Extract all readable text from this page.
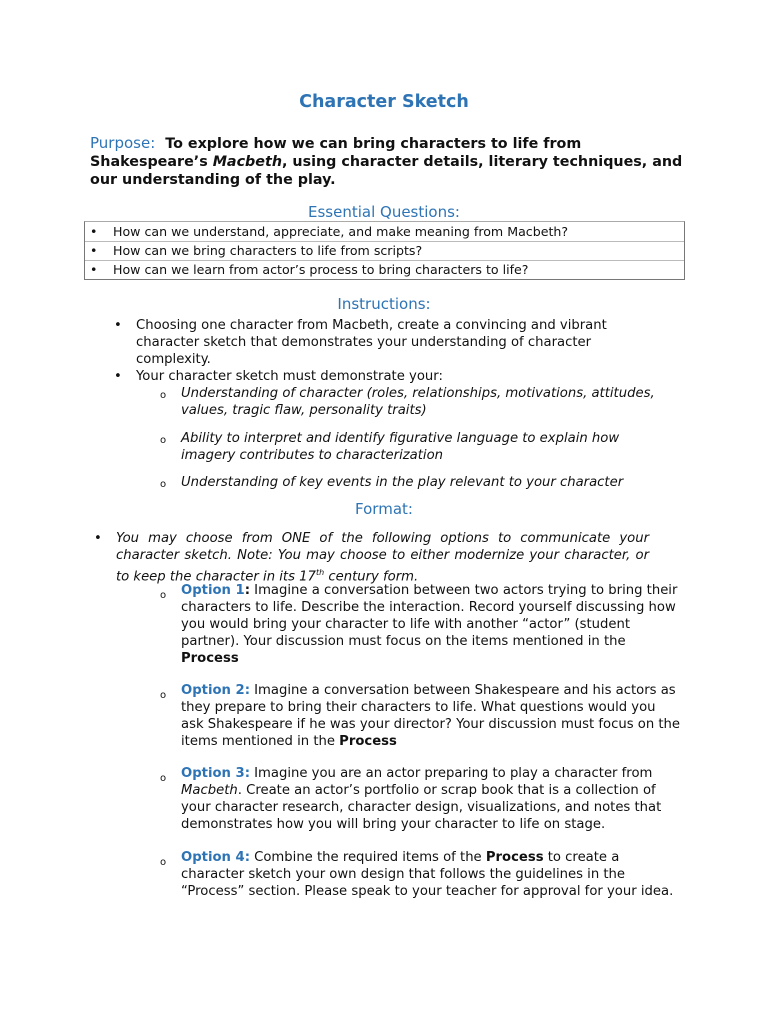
Character Sketch
Purpose: To explore how we can bring characters to life from Shakespeare’s Macbeth, using character details, literary techniques, and our understanding of the play.
Essential Questions:
• How can we understand, appreciate, and make meaning from Macbeth?
• How can we bring characters to life from scripts?
• How can we learn from actor’s process to bring characters to life?
Instructions:
• Choosing one character from Macbeth, create a convincing and vibrant character sketch that demonstrates your understanding of character complexity.
• Your character sketch must demonstrate your:
o Understanding of character (roles, relationships, motivations, attitudes, values, tragic flaw, personality traits)
o Ability to interpret and identify figurative language to explain how imagery contributes to characterization
o Understanding of key events in the play relevant to your character
Format:
• You may choose from ONE of the following options to communicate your character sketch. Note: You may choose to either modernize your character, or to keep the character in its 17th century form.
o Option 1: Imagine a conversation between two actors trying to bring their characters to life. Describe the interaction. Record yourself discussing how you would bring your character to life with another “actor” (student partner). Your discussion must focus on the items mentioned in the Process
o Option 2: Imagine a conversation between Shakespeare and his actors as they prepare to bring their characters to life. What questions would you ask Shakespeare if he was your director? Your discussion must focus on the items mentioned in the Process
o Option 3: Imagine you are an actor preparing to play a character from Macbeth. Create an actor’s portfolio or scrap book that is a collection of your character research, character design, visualizations, and notes that demonstrates how you will bring your character to life on stage.
o Option 4: Combine the required items of the Process to create a character sketch your own design that follows the guidelines in the “Process” section. Please speak to your teacher for approval for your idea.
